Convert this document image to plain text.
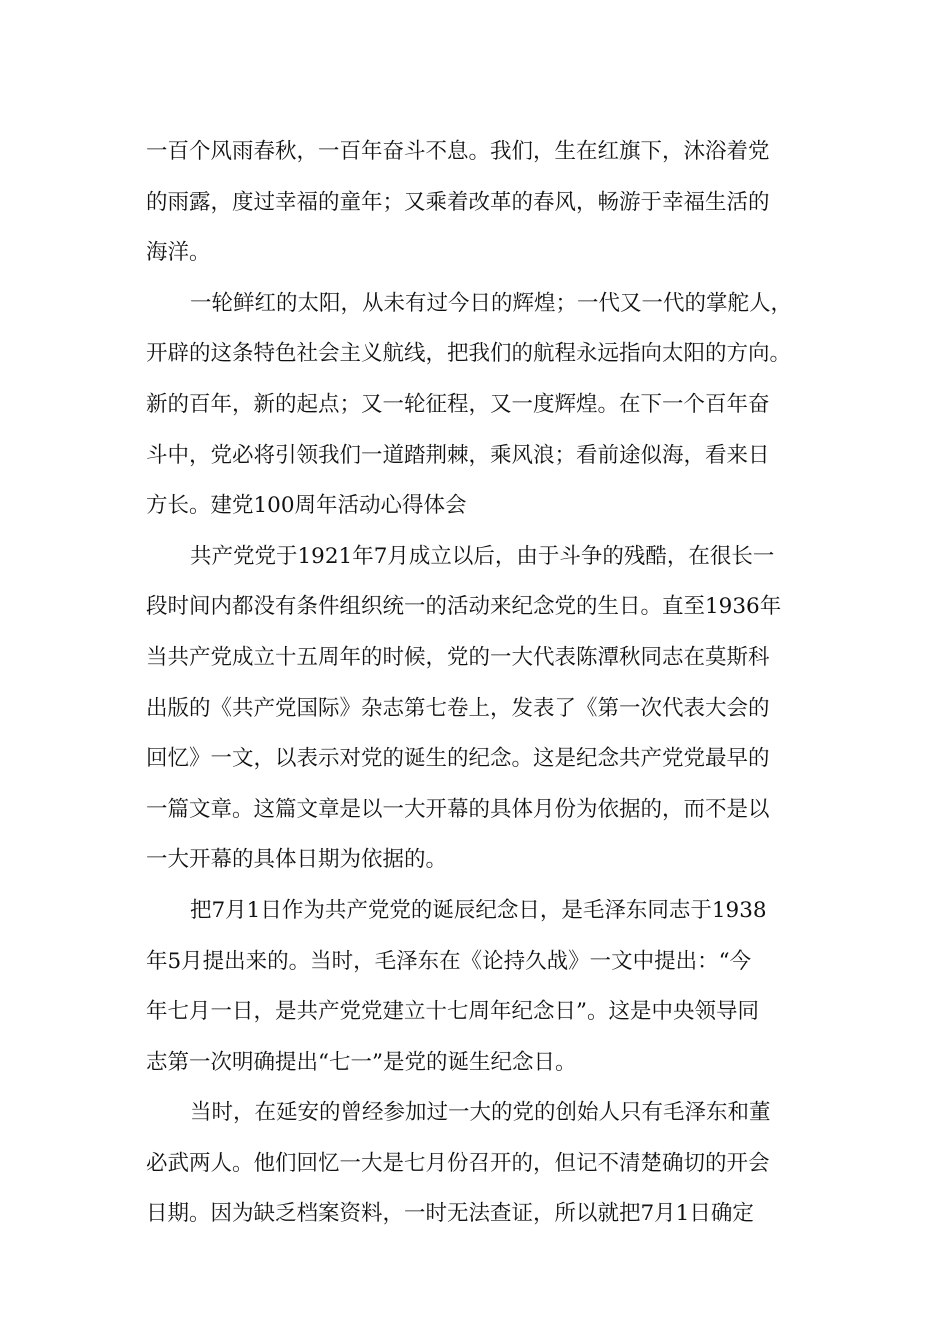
一百个风雨春秋，一百年奋斗不息。我们，生在红旗下，沐浴着党
的雨露，度过幸福的童年；又乘着改革的春风，畅游于幸福生活的
海洋。
一轮鲜红的太阳，从未有过今日的辉煌；一代又一代的掌舵人，
开辟的这条特色社会主义航线，把我们的航程永远指向太阳的方向。
新的百年，新的起点；又一轮征程，又一度辉煌。在下一个百年奋
斗中，党必将引领我们一道踏荆棘，乘风浪；看前途似海，看来日
方长。建党100周年活动心得体会
共产党党于1921年7月成立以后，由于斗争的残酷，在很长一
段时间内都没有条件组织统一的活动来纪念党的生日。直至1936年
当共产党成立十五周年的时候，党的一大代表陈潭秋同志在莫斯科
出版的《共产党国际》杂志第七卷上，发表了《第一次代表大会的
回忆》一文，以表示对党的诞生的纪念。这是纪念共产党党最早的
一篇文章。这篇文章是以一大开幕的具体月份为依据的，而不是以
一大开幕的具体日期为依据的。
把7月1日作为共产党党的诞辰纪念日，是毛泽东同志于1938
年5月提出来的。当时，毛泽东在《论持久战》一文中提出：“今
年七月一日，是共产党党建立十七周年纪念日”。这是中央领导同
志第一次明确提出“七一”是党的诞生纪念日。
当时，在延安的曾经参加过一大的党的创始人只有毛泽东和董
必武两人。他们回忆一大是七月份召开的，但记不清楚确切的开会
日期。因为缺乏档案资料，一时无法查证，所以就把7月1日确定
